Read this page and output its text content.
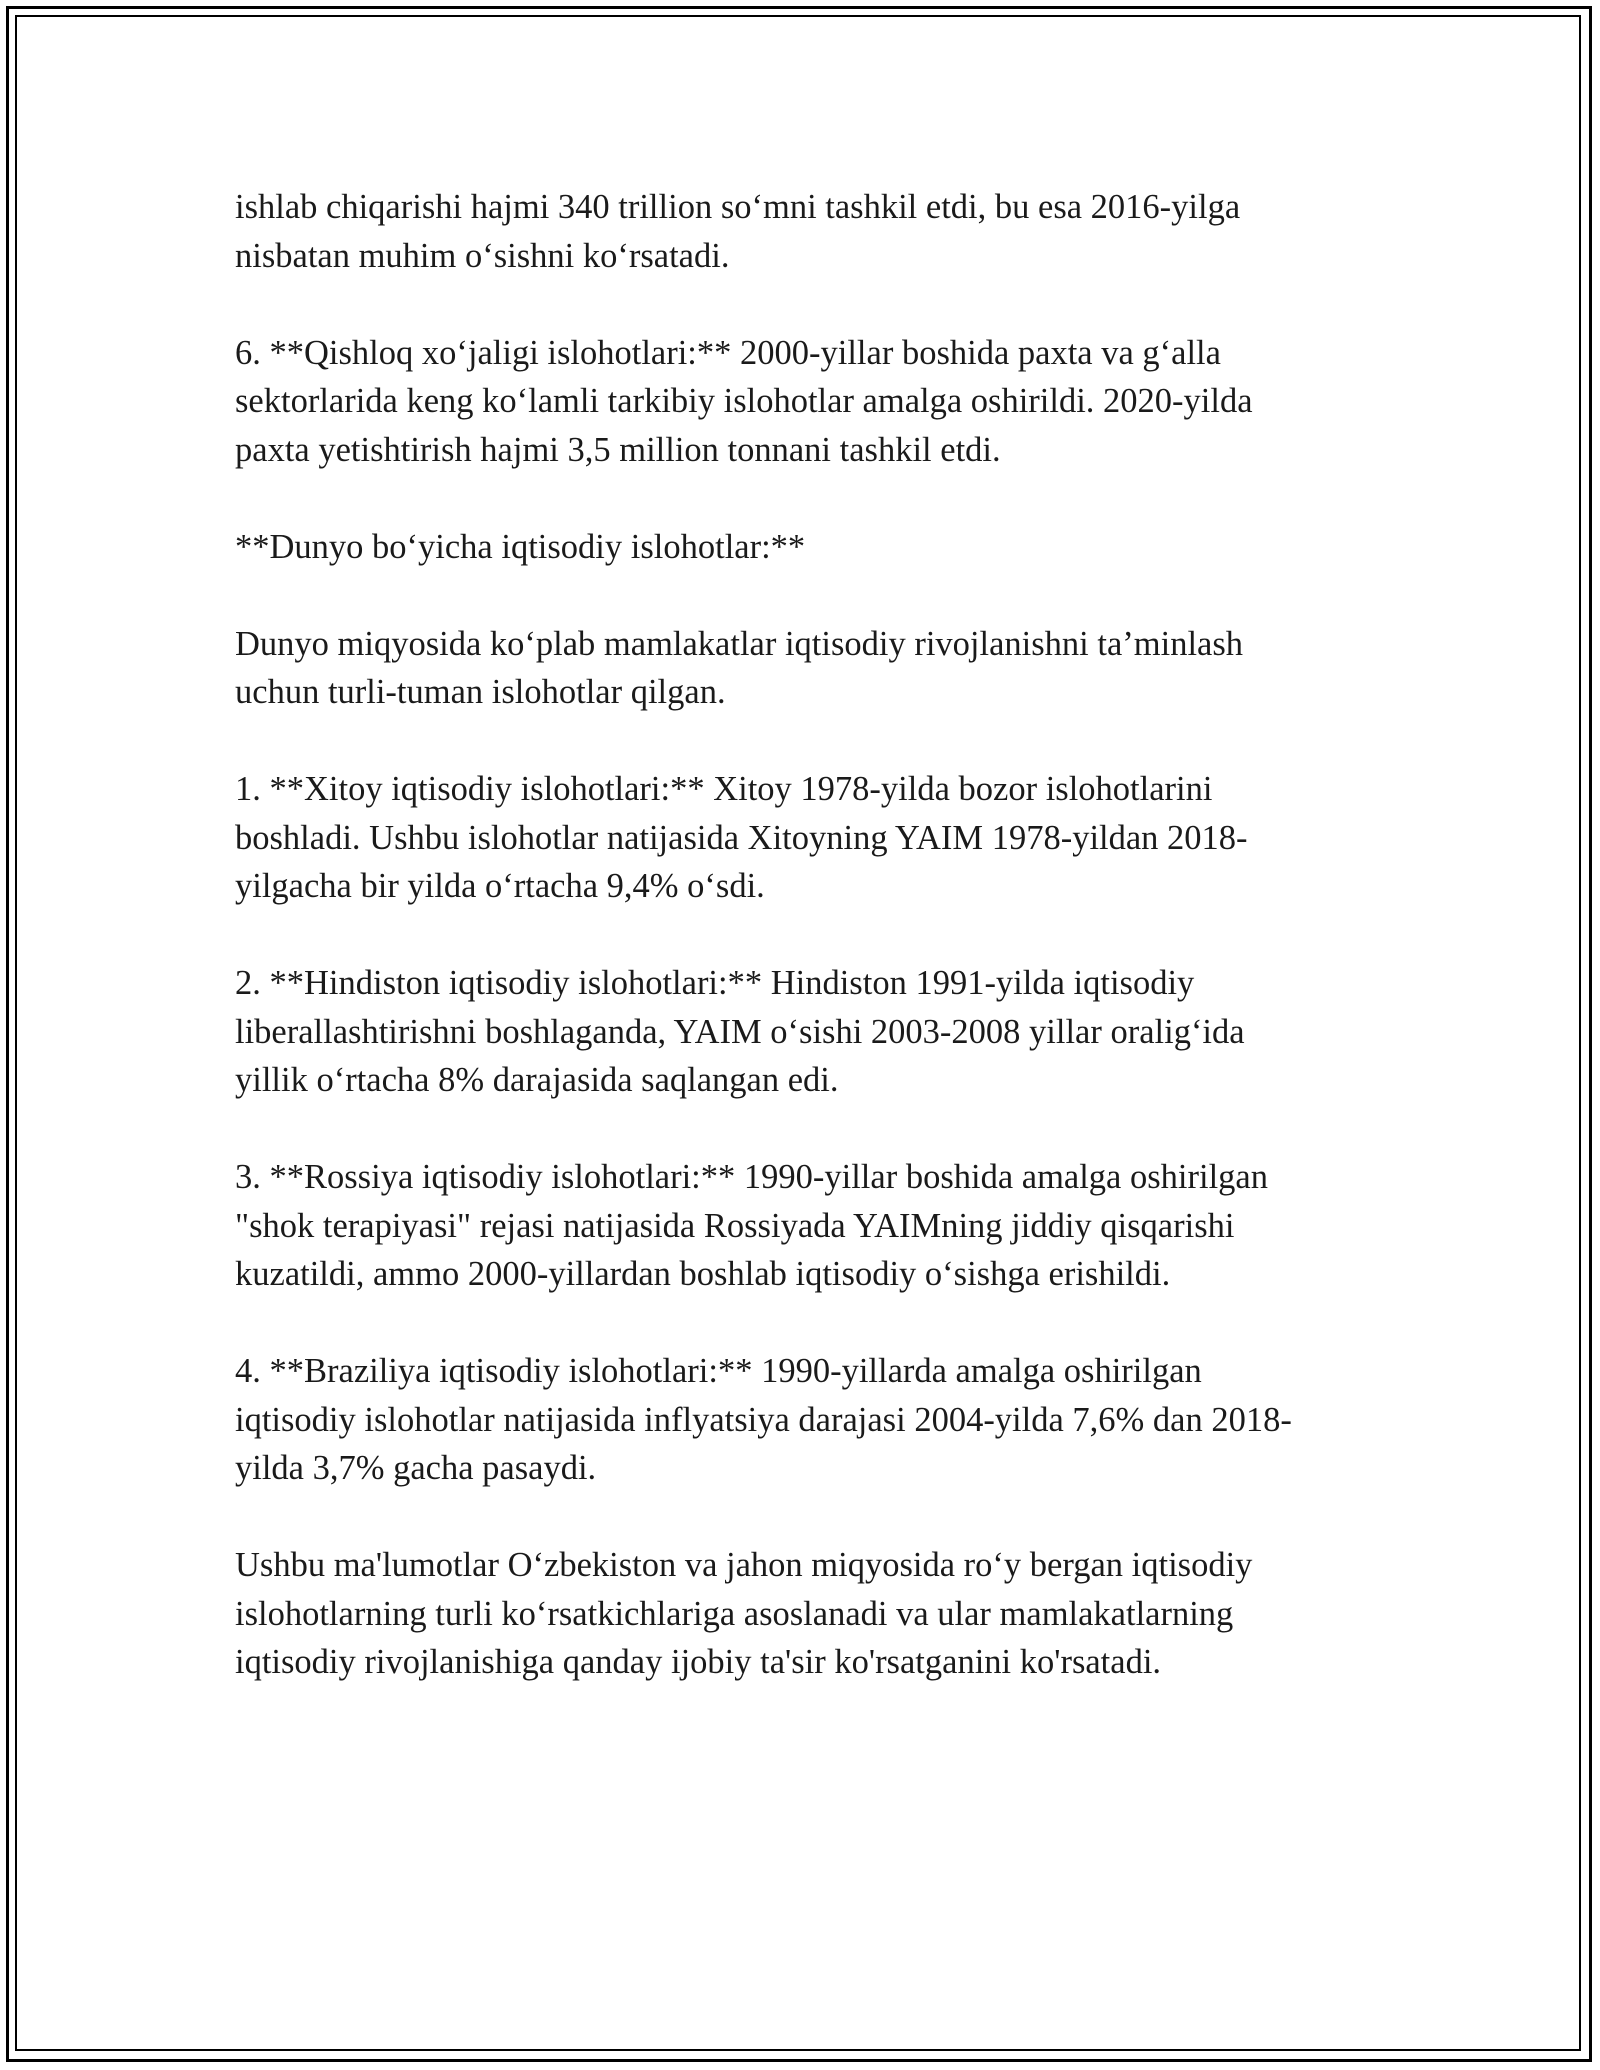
ishlab chiqarishi hajmi 340 trillion so‘mni tashkil etdi, bu esa 2016-yilga
nisbatan muhim o‘sishni ko‘rsatadi.

6. **Qishloq xo‘jaligi islohotlari:** 2000-yillar boshida paxta va g‘alla
sektorlarida keng ko‘lamli tarkibiy islohotlar amalga oshirildi. 2020-yilda
paxta yetishtirish hajmi 3,5 million tonnani tashkil etdi.

**Dunyo bo‘yicha iqtisodiy islohotlar:**

Dunyo miqyosida ko‘plab mamlakatlar iqtisodiy rivojlanishni ta’minlash
uchun turli-tuman islohotlar qilgan.

1. **Xitoy iqtisodiy islohotlari:** Xitoy 1978-yilda bozor islohotlarini
boshladi. Ushbu islohotlar natijasida Xitoyning YAIM 1978-yildan 2018-
yilgacha bir yilda o‘rtacha 9,4% o‘sdi.

2. **Hindiston iqtisodiy islohotlari:** Hindiston 1991-yilda iqtisodiy
liberallashtirishni boshlaganda, YAIM o‘sishi 2003-2008 yillar oralig‘ida
yillik o‘rtacha 8% darajasida saqlangan edi.

3. **Rossiya iqtisodiy islohotlari:** 1990-yillar boshida amalga oshirilgan
"shok terapiyasi" rejasi natijasida Rossiyada YAIMning jiddiy qisqarishi
kuzatildi, ammo 2000-yillardan boshlab iqtisodiy o‘sishga erishildi.

4. **Braziliya iqtisodiy islohotlari:** 1990-yillarda amalga oshirilgan
iqtisodiy islohotlar natijasida inflyatsiya darajasi 2004-yilda 7,6% dan 2018-
yilda 3,7% gacha pasaydi.

Ushbu ma'lumotlar O‘zbekiston va jahon miqyosida ro‘y bergan iqtisodiy
islohotlarning turli ko‘rsatkichlariga asoslanadi va ular mamlakatlarning
iqtisodiy rivojlanishiga qanday ijobiy ta'sir ko'rsatganini ko'rsatadi.
